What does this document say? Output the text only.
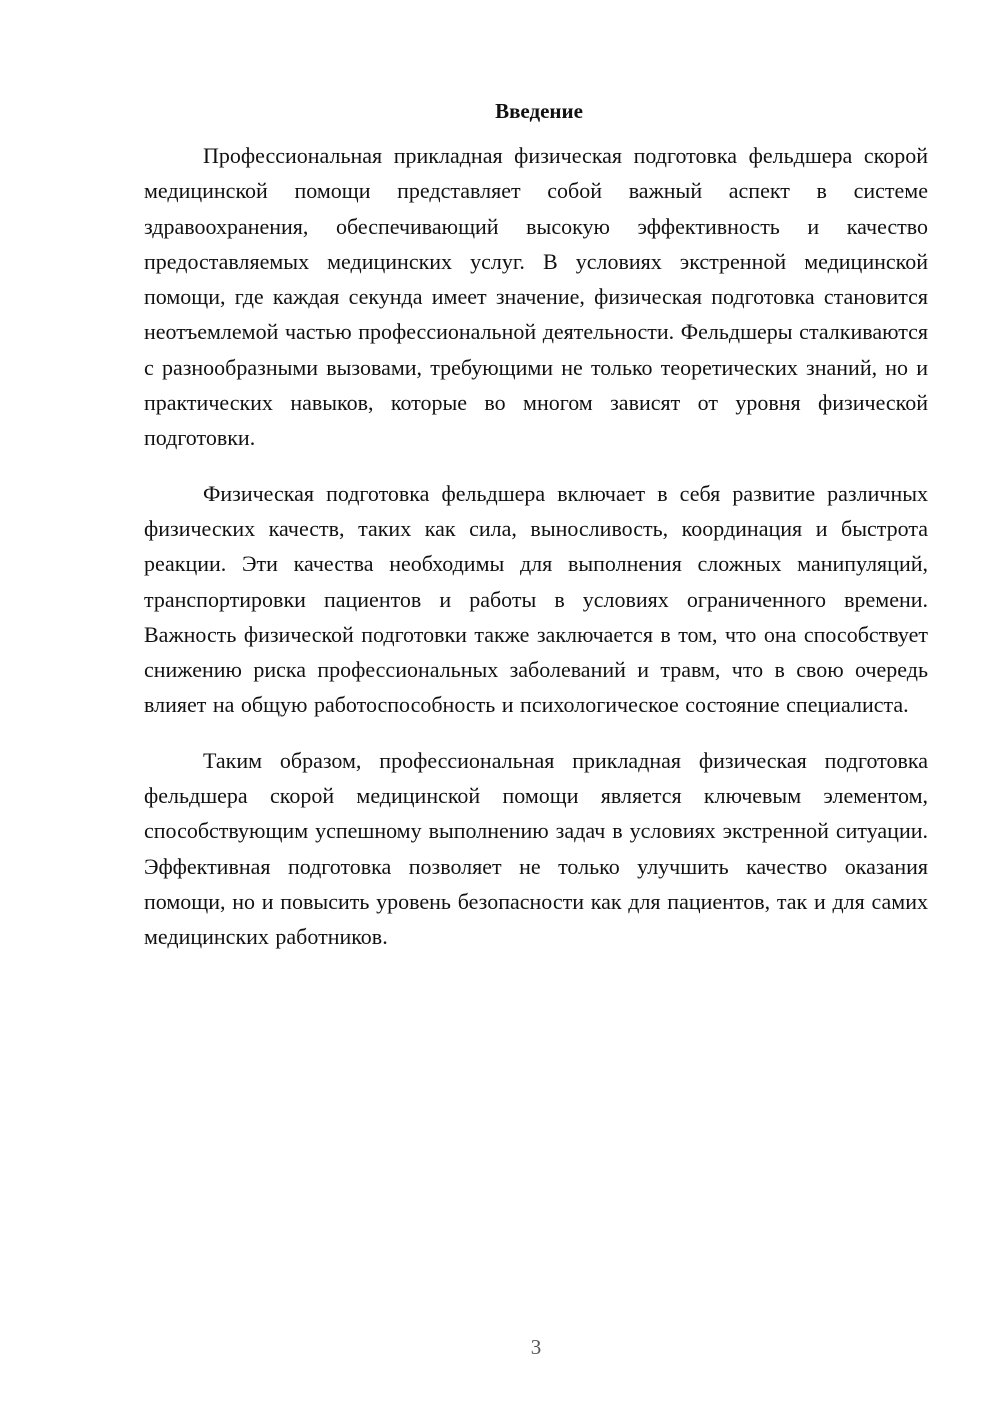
Введение

Профессиональная прикладная физическая подготовка фельдшера скорой медицинской помощи представляет собой важный аспект в системе здравоохранения, обеспечивающий высокую эффективность и качество предоставляемых медицинских услуг. В условиях экстренной медицинской помощи, где каждая секунда имеет значение, физическая подготовка становится неотъемлемой частью профессиональной деятельности. Фельдшеры сталкиваются с разнообразными вызовами, требующими не только теоретических знаний, но и практических навыков, которые во многом зависят от уровня физической подготовки.

Физическая подготовка фельдшера включает в себя развитие различных физических качеств, таких как сила, выносливость, координация и быстрота реакции. Эти качества необходимы для выполнения сложных манипуляций, транспортировки пациентов и работы в условиях ограниченного времени. Важность физической подготовки также заключается в том, что она способствует снижению риска профессиональных заболеваний и травм, что в свою очередь влияет на общую работоспособность и психологическое состояние специалиста.

Таким образом, профессиональная прикладная физическая подготовка фельдшера скорой медицинской помощи является ключевым элементом, способствующим успешному выполнению задач в условиях экстренной ситуации. Эффективная подготовка позволяет не только улучшить качество оказания помощи, но и повысить уровень безопасности как для пациентов, так и для самих медицинских работников.

3
